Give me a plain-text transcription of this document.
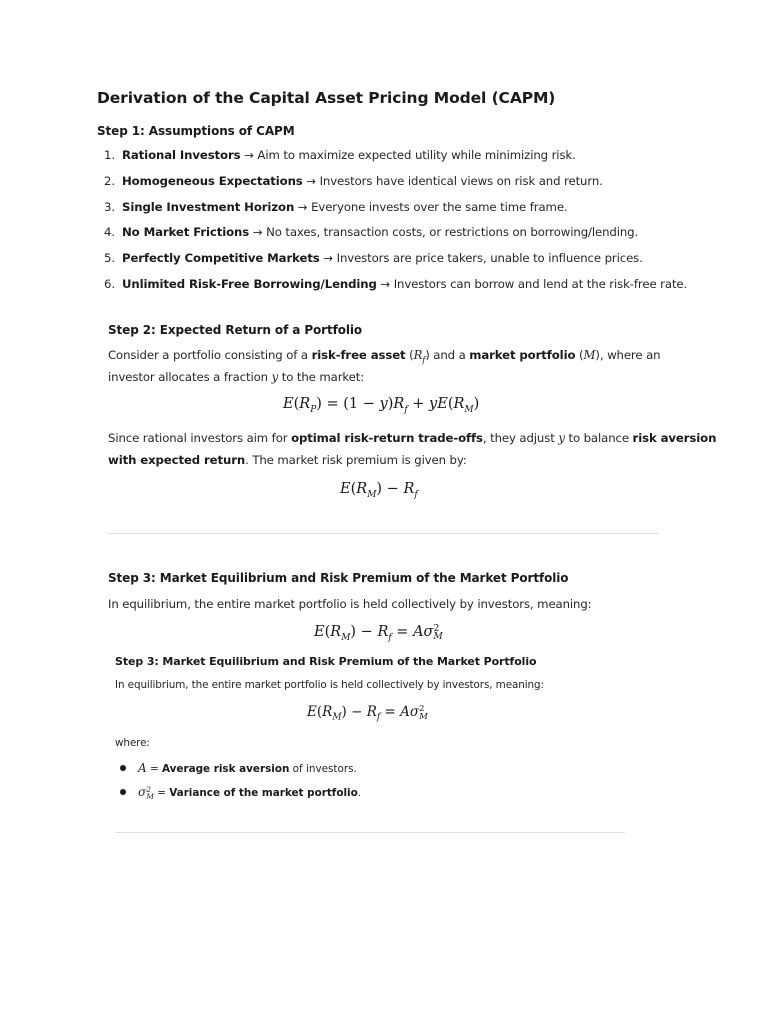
Derivation of the Capital Asset Pricing Model (CAPM)
Step 1: Assumptions of CAPM
1. Rational Investors → Aim to maximize expected utility while minimizing risk.
2. Homogeneous Expectations → Investors have identical views on risk and return.
3. Single Investment Horizon → Everyone invests over the same time frame.
4. No Market Frictions → No taxes, transaction costs, or restrictions on borrowing/lending.
5. Perfectly Competitive Markets → Investors are price takers, unable to influence prices.
6. Unlimited Risk-Free Borrowing/Lending → Investors can borrow and lend at the risk-free rate.
Step 2: Expected Return of a Portfolio
Consider a portfolio consisting of a risk-free asset $(R_f)$ and a market portfolio (M), where an
investor allocates a fraction y to the market:
$E(R_P) = (1 - y)R_f + yE(R_M)$
Since rational investors aim for optimal risk-return trade-offs, they adjust y to balance risk aversion
with expected return. The market risk premium is given by:
$E(R_M) - R_f$
Step 3: Market Equilibrium and Risk Premium of the Market Portfolio
In equilibrium, the entire market portfolio is held collectively by investors, meaning:
$E(R_M) - R_f = A\sigma$ 2
M
Step 3: Market Equilibrium and Risk Premium of the Market Portfolio
In equilibrium, the entire market portfolio is held collectively by investors, meaning:
$E(R_M) - R_f = A\sigma$ 2
M
where:
A = Average risk aversion of investors.
σ 2
M = Variance of the market portfolio.
